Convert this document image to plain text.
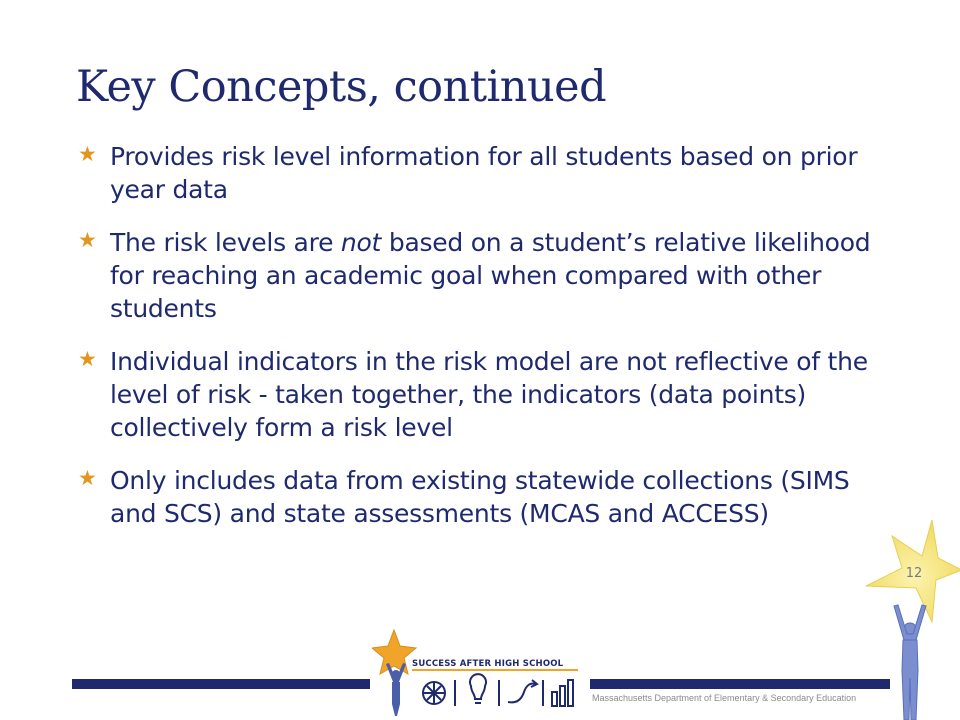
Key Concepts, continued
★ Provides risk level information for all students based on prior year data
★ The risk levels are not based on a student’s relative likelihood for reaching an academic goal when compared with other students
★ Individual indicators in the risk model are not reflective of the level of risk - taken together, the indicators (data points) collectively form a risk level
★ Only includes data from existing statewide collections (SIMS and SCS) and state assessments (MCAS and ACCESS)
12
SUCCESS AFTER HIGH SCHOOL
Massachusetts Department of Elementary & Secondary Education
